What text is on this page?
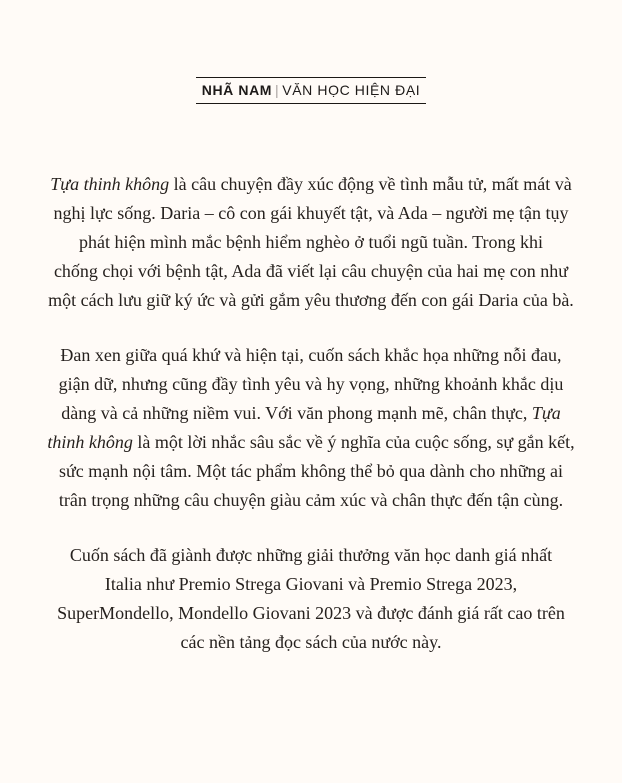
NHÃ NAM | VĂN HỌC HIỆN ĐẠI
Tựa thinh không là câu chuyện đầy xúc động về tình mẫu tử, mất mát và
nghị lực sống. Daria – cô con gái khuyết tật, và Ada – người mẹ tận tụy
phát hiện mình mắc bệnh hiểm nghèo ở tuổi ngũ tuần. Trong khi
chống chọi với bệnh tật, Ada đã viết lại câu chuyện của hai mẹ con như
một cách lưu giữ ký ức và gửi gắm yêu thương đến con gái Daria của bà.
Đan xen giữa quá khứ và hiện tại, cuốn sách khắc họa những nỗi đau,
giận dữ, nhưng cũng đầy tình yêu và hy vọng, những khoảnh khắc dịu
dàng và cả những niềm vui. Với văn phong mạnh mẽ, chân thực, Tựa
thinh không là một lời nhắc sâu sắc về ý nghĩa của cuộc sống, sự gắn kết,
sức mạnh nội tâm. Một tác phẩm không thể bỏ qua dành cho những ai
trân trọng những câu chuyện giàu cảm xúc và chân thực đến tận cùng.
Cuốn sách đã giành được những giải thưởng văn học danh giá nhất
Italia như Premio Strega Giovani và Premio Strega 2023,
SuperMondello, Mondello Giovani 2023 và được đánh giá rất cao trên
các nền tảng đọc sách của nước này.
